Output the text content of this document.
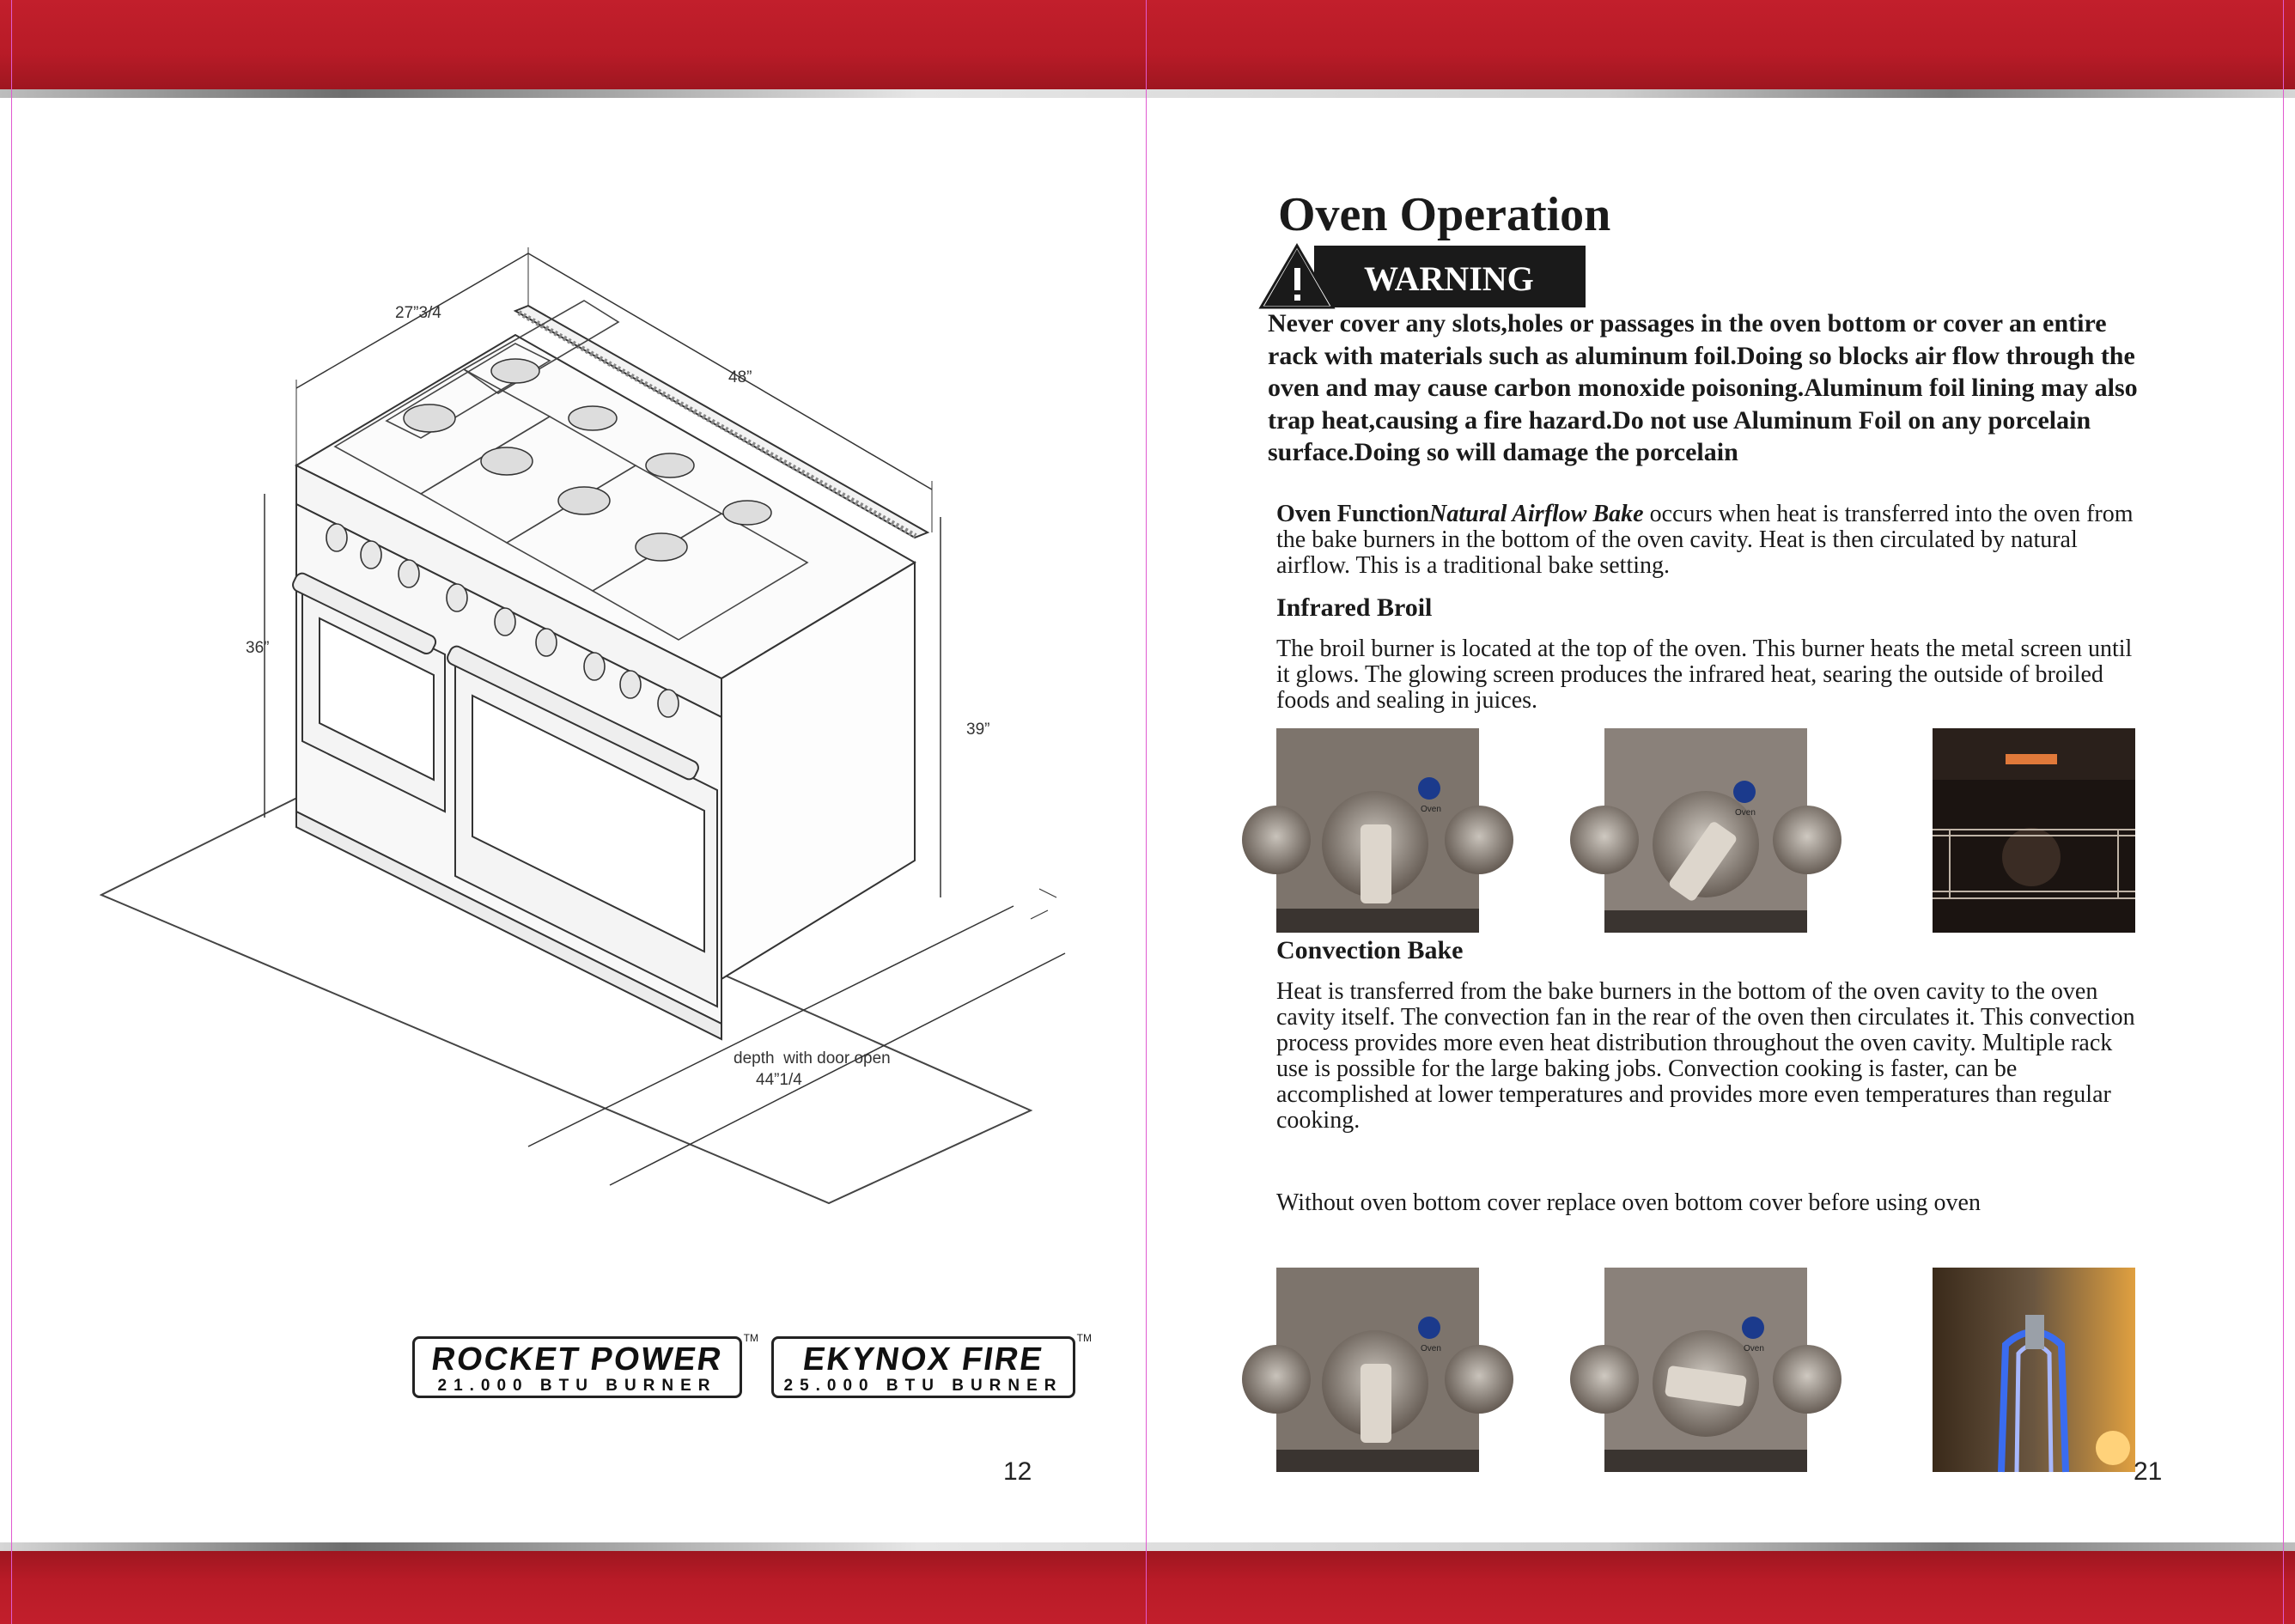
27”3/4
48”
36”
39”
depth  with door open
44”1/4
ROCKET POWER
21.000 BTU BURNER
TM
EKYNOX FIRE
25.000 BTU BURNER
TM
12
Oven Operation
WARNING
Never cover any slots,holes or passages in the oven bottom or cover an entire rack with materials such as aluminum foil.Doing so blocks air flow through the oven and may cause carbon monoxide poisoning.Aluminum foil lining may also trap heat,causing a fire hazard.Do not use Aluminum Foil on any porcelain surface.Doing so will damage the porcelain
Oven FunctionNatural Airflow Bake occurs when heat is transferred into the oven from the bake burners in the bottom of the oven cavity. Heat is then circulated by natural airflow. This is a traditional bake setting.
Infrared Broil
The broil burner is located at the top of the oven. This burner heats the metal screen until it glows. The glowing screen produces the infrared heat, searing the outside of broiled foods and sealing in juices.
Oven	Oven
Convection Bake
Heat is transferred from the bake burners in the bottom of the oven cavity to the oven cavity itself. The convection fan in the rear of the oven then circulates it. This convection process provides more even heat distribution throughout the oven cavity. Multiple rack use is possible for the large baking jobs. Convection cooking is faster, can be accomplished at lower temperatures and provides more even temperatures than regular cooking.
Without oven bottom cover replace oven bottom cover before using oven
Oven	Oven
21
